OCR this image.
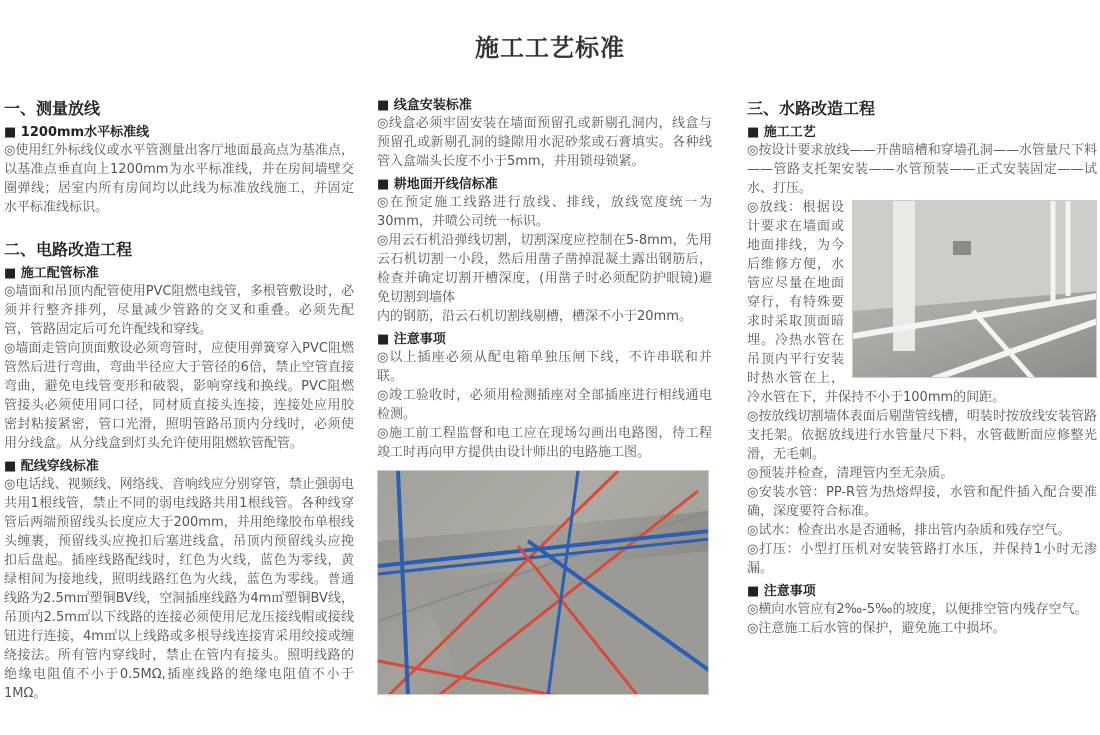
施工工艺标准
一、测量放线
■ 1200mm水平标准线

◎使用红外标线仪或水平管测量出客厅地面最高点为基准点，以基准点垂直向上1200mm为水平标准线，并在房间墙壁交圈弹线；居室内所有房间均以此线为标准放线施工，并固定水平标准线标识。

二、电路改造工程
■ 施工配管标准

◎墙面和吊顶内配管使用PVC阻燃电线管，多根管敷设时，必须并行整齐排列，尽量减少管路的交叉和重叠。必须先配管，管路固定后可允许配线和穿线。

◎墙面走管向顶面敷设必须弯管时，应使用弹簧穿入PVC阻燃管然后进行弯曲，弯曲半径应大于管径的6倍，禁止空管直接弯曲，避免电线管变形和破裂，影响穿线和换线。PVC阻燃管接头必须使用同口径，同材质直接头连接，连接处应用胶密封粘接紧密，管口光滑，照明管路吊顶内分线时，必须使用分线盒。从分线盒到灯头允许使用阻燃软管配管。

■ 配线穿线标准

◎电话线、视频线、网络线、音响线应分别穿管，禁止强弱电共用1根线管，禁止不同的弱电线路共用1根线管。各种线穿管后两端预留线头长度应大于200mm，并用绝缘胶布单根线头缠裹，预留线头应挽扣后塞进线盒，吊顶内预留线头应挽扣后盘起。插座线路配线时，红色为火线，蓝色为零线，黄绿相间为接地线，照明线路红色为火线，蓝色为零线。普通线路为2.5m㎡塑铜BV线，空洞插座线路为4m㎡塑铜BV线，吊顶内2.5m㎡以下线路的连接必须使用尼龙压接线帽或接线钮进行连接，4m㎡以上线路或多根导线连接宵采用绞接或缠绕接法。所有管内穿线时，禁止在管内有接头。照明线路的绝缘电阻值不小于0.5MΩ,插座线路的绝缘电阻值不小于1MΩ。

■ 线盒安装标准

◎线盒必须牢固安装在墙面预留孔或新剔孔洞内，线盒与预留孔或新剔孔洞的缝隙用水泥砂浆或石膏填实。各种线管入盒端头长度不小于5mm，并用锁母锁紧。

■ 耕地面开线信标准

◎在预定施工线路进行放线、排线，放线宽度统一为30mm，并喷公司统一标识。

◎用云石机沿弹线切割，切割深度应控制在5-8mm，先用云石机切割一小段，然后用凿子凿掉混凝土露出钢筋后，检查并确定切割开槽深度，(用凿子时必须配防护眼镜)避免切割到墙体

内的钢筋，沿云石机切割线剔槽，槽深不小于20mm。

■ 注意事项

◎以上插座必须从配电箱单独压闸下线，不许串联和并联。

◎竣工验收时，必须用检测插座对全部插座进行相线通电检测。

◎施工前工程监督和电工应在现场勾画出电路图，待工程竣工时再向甲方提供由设计师出的电路施工图。

三、水路改造工程
■ 施工工艺

◎按设计要求放线——开凿暗槽和穿墙孔洞——水管量尺下料——管路支托架安装——水管预装——正式安装固定——试水、打压。

◎放线：根据设计要求在墙面或地面排线，为今后维修方便，水管应尽量在地面穿行，有特殊要求时采取顶面暗埋。冷热水管在吊顶内平行安装时热水管在上，冷水管在下，并保持不小于100mm的间距。

◎按放线切割墙体表面后剔凿管线槽，明装时按放线安装管路支托架。依据放线进行水管量尺下料，水管截断面应修整光滑，无毛刺。

◎预装并检查，清理管内至无杂质。

◎安装水管：PP-R管为热熔焊接，水管和配件插入配合要准确，深度要符合标准。

◎试水：检查出水是否通畅，排出管内杂质和残存空气。

◎打压：小型打压机对安装管路打水压，并保持1小时无渗漏。

■ 注意事项

◎横向水管应有2‰-5‰的坡度，以便排空管内残存空气。

◎注意施工后水管的保护，避免施工中损坏。
